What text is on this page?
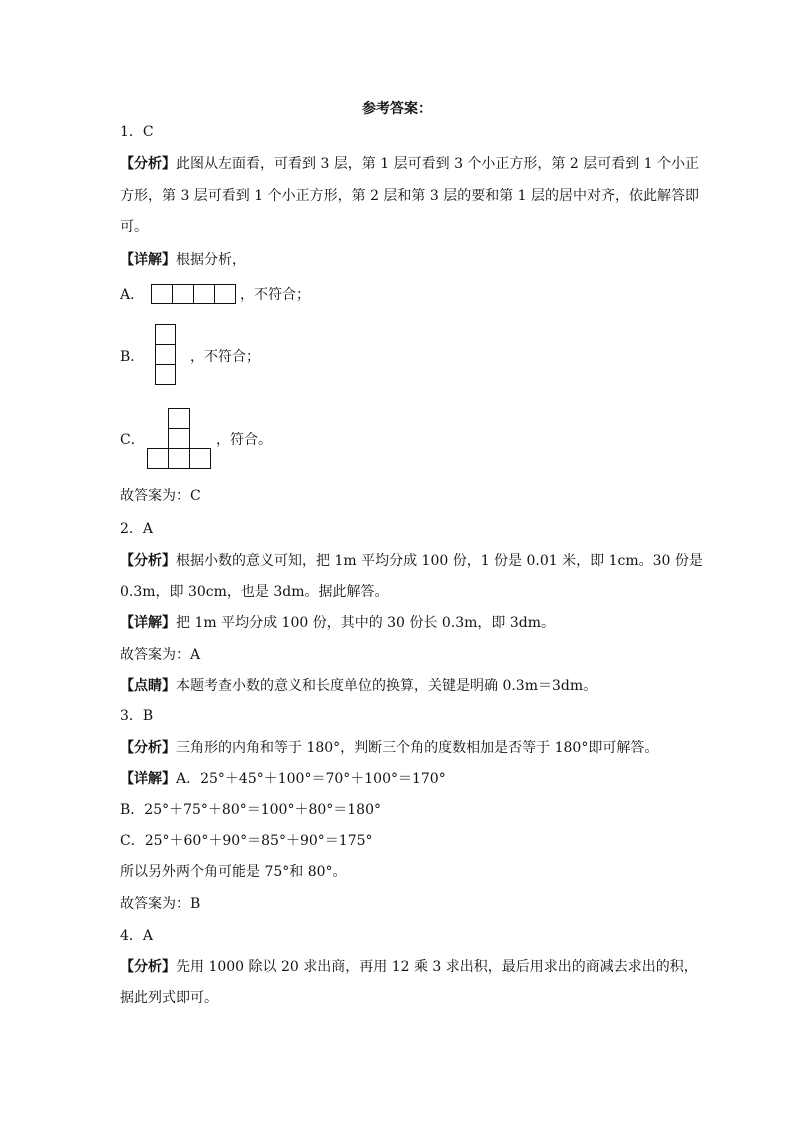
参考答案：
1．C
【分析】此图从左面看，可看到 3 层，第 1 层可看到 3 个小正方形，第 2 层可看到 1 个小正
方形，第 3 层可看到 1 个小正方形，第 2 层和第 3 层的要和第 1 层的居中对齐，依此解答即
可。
【详解】根据分析，
A．	，不符合；
B．	，不符合；
C．	，符合。
故答案为：C
2．A
【分析】根据小数的意义可知，把 1m 平均分成 100 份，1 份是 0.01 米，即 1cm。30 份是
0.3m，即 30cm，也是 3dm。据此解答。
【详解】把 1m 平均分成 100 份，其中的 30 份长 0.3m，即 3dm。
故答案为：A
【点睛】本题考查小数的意义和长度单位的换算，关键是明确 0.3m＝3dm。
3．B
【分析】三角形的内角和等于 180°，判断三个角的度数相加是否等于 180°即可解答。
【详解】A．25°＋45°＋100°＝70°＋100°＝170°
B．25°＋75°＋80°＝100°＋80°＝180°
C．25°＋60°＋90°＝85°＋90°＝175°
所以另外两个角可能是 75°和 80°。
故答案为：B
4．A
【分析】先用 1000 除以 20 求出商，再用 12 乘 3 求出积，最后用求出的商减去求出的积，
据此列式即可。
